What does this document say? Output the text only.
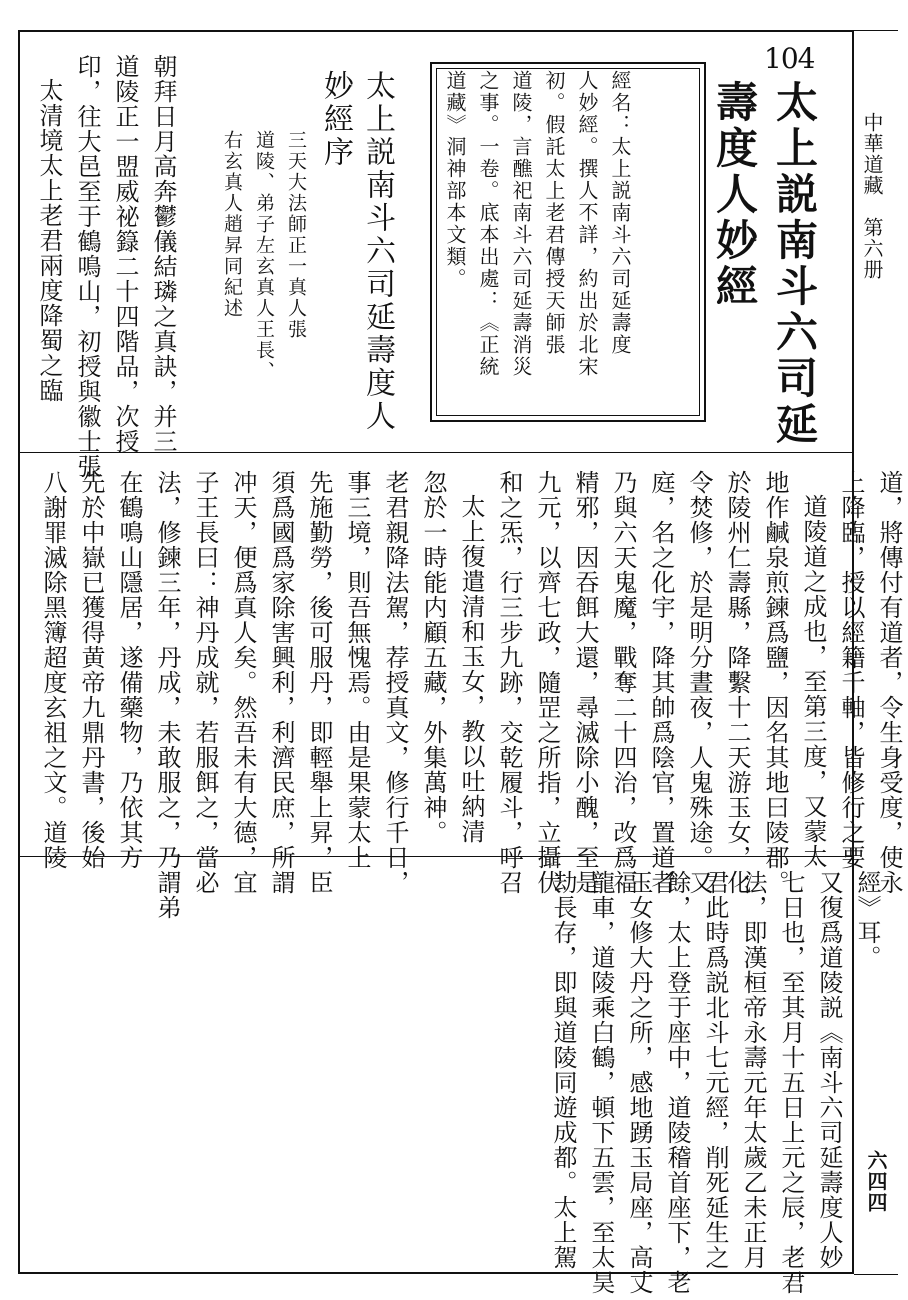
中華道藏　第六册
六四四
104
太上説南斗六司延
壽度人妙經
經名：太上説南斗六司延壽度
人妙經。撰人不詳，約出於北宋
初。假託太上老君傳授天師張
道陵，言醮祀南斗六司延壽消災
之事。一卷。底本出處：《正統
道藏》洞神部本文類。
太上説南斗六司延壽度人
妙經序
三天大法師正一真人張
道陵、弟子左玄真人王長、
右玄真人趙昇同紀述
朝拜日月高奔鬱儀結璘之真訣，并三
道陵正一盟威祕籙二十四階品，次授
印，往大邑至于鶴鳴山，初授與徽士張
太清境太上老君兩度降蜀之臨
道，將傳付有道者，令生身受度，使永
上降臨，授以經籍千軸，皆修行之要
道陵道之成也，至第三度，又蒙太
地作鹹泉煎鍊爲鹽，因名其地曰陵郡。
於陵州仁壽縣，降繫十二天游玉女，化
令焚修，於是明分晝夜，人鬼殊途。又
庭，名之化宇，降其帥爲陰官，置道者
乃與六天鬼魔，戰奪二十四治，改爲福
精邪，因吞餌大還，尋滅除小醜，至是
九元，以齊七政，隨罡之所指，立攝伏
和之炁，行三步九跡，交乾履斗，呼召
太上復遣清和玉女，教以吐納清
忽於一時能内顧五藏，外集萬神。
老君親降法駕，荐授真文，修行千日，
事三境，則吾無愧焉。由是果蒙太上
先施勤勞，後可服丹，即輕舉上昇，臣
須爲國爲家除害興利，利濟民庶，所謂
冲天，便爲真人矣。然吾未有大德，宜
子王長曰：神丹成就，若服餌之，當必
法，修鍊三年，丹成，未敢服之，乃謂弟
在鶴鳴山隱居，遂備藥物，乃依其方
先於中嶽已獲得黄帝九鼎丹書，後始
八謝罪滅除黑簿超度玄祖之文。道陵
經》耳。
又復爲道陵説《南斗六司延壽度人妙
七日也，至其月十五日上元之辰，老君
法，即漢桓帝永壽元年太歲乙未正月
君此時爲説北斗七元經，削死延生之
餘，太上登于座中，道陵稽首座下，老
玉女修大丹之所，感地踴玉局座，高丈
龍車，道陵乘白鶴，頓下五雲，至太昊
劫長存，即與道陵同遊成都。太上駕
